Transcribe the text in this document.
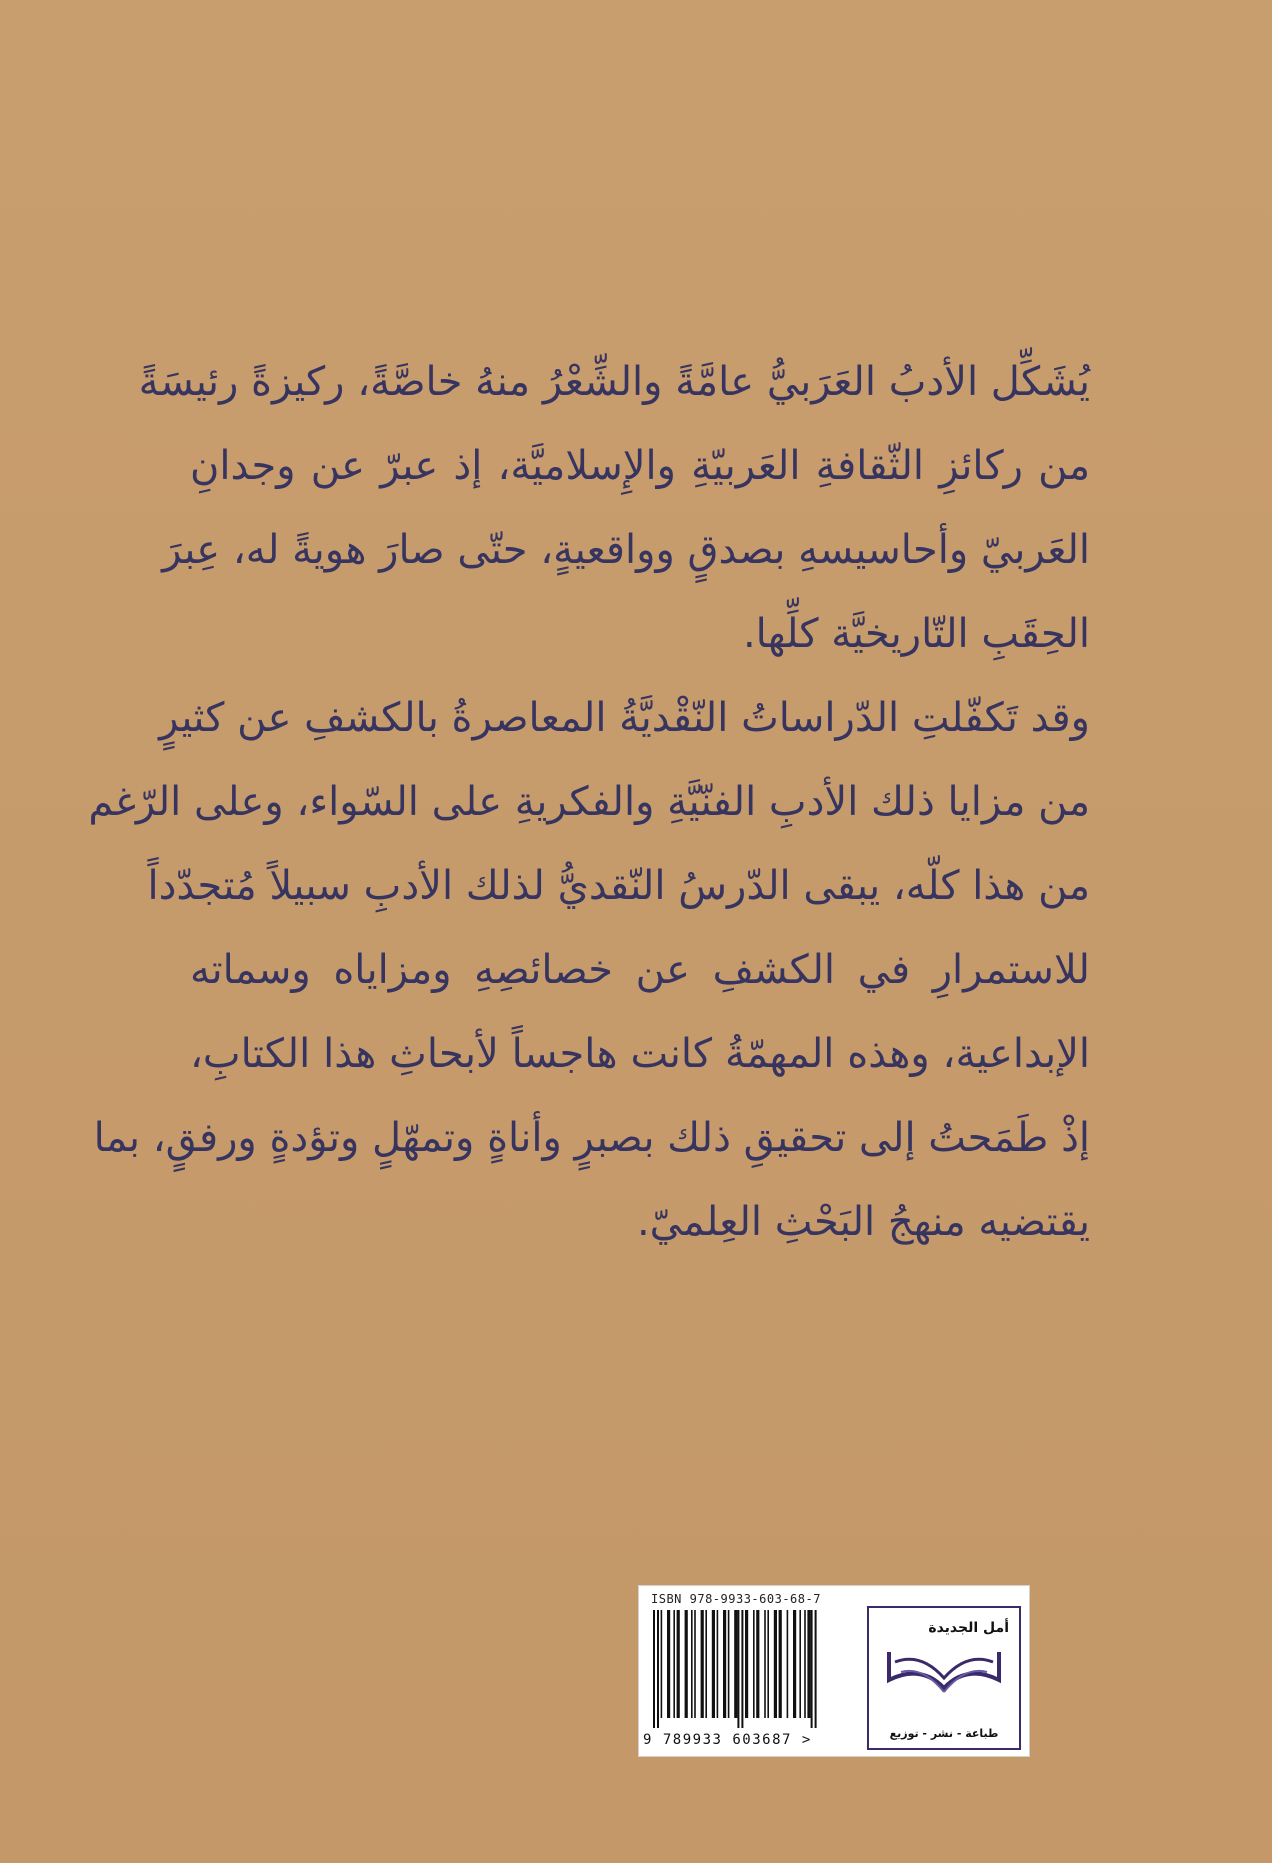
يُشَكِّل الأدبُ العَرَبيُّ عامَّةً والشِّعْرُ منهُ خاصَّةً، ركيزةً رئيسَةً
من ركائزِ الثّقافةِ العَربيّةِ والإِسلاميَّة، إذ عبرّ عن وجدانِ
العَربيّ وأحاسيسهِ بصدقٍ وواقعيةٍ، حتّى صارَ هويةً له، عِبرَ
الحِقَبِ التّاريخيَّة كلِّها.
وقد تَكفّلتِ الدّراساتُ النّقْديَّةُ المعاصرةُ بالكشفِ عن كثيرٍ
من مزايا ذلك الأدبِ الفنّيَّةِ والفكريةِ على السّواء، وعلى الرّغم
من هذا كلّه، يبقى الدّرسُ النّقديُّ لذلك الأدبِ سبيلاً مُتجدّداً
للاستمرارِ في الكشفِ عن خصائصِهِ ومزاياه وسماته
الإبداعية، وهذه المهمّةُ كانت هاجساً لأبحاثِ هذا الكتابِ،
إذْ طَمَحتُ إلى تحقيقِ ذلك بصبرٍ وأناةٍ وتمهّلٍ وتؤدةٍ ورفقٍ، بما
يقتضيه منهجُ البَحْثِ العِلميّ.
ISBN 978-9933-603-68-7
9 789933 603687 >
أمل الجديدة
طباعة - نشر - توزيع
